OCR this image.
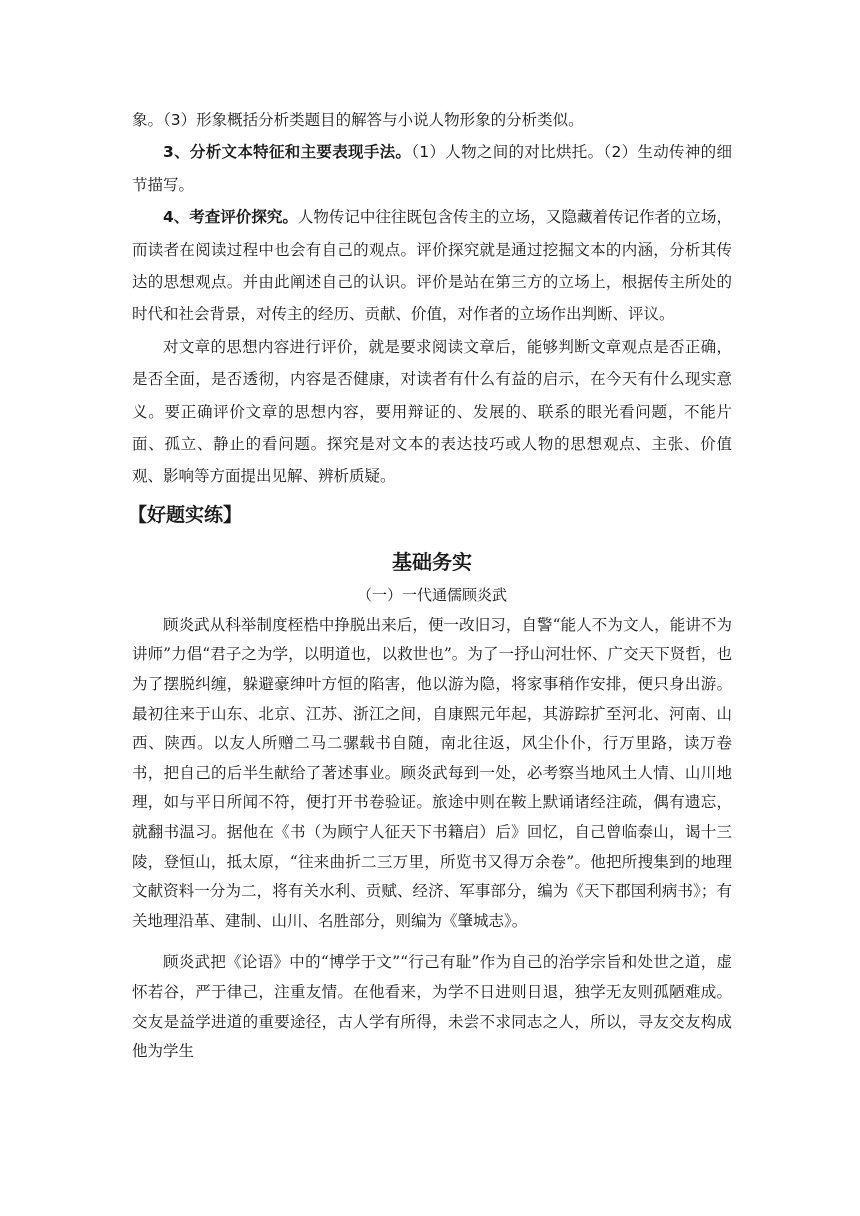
象。（3）形象概括分析类题目的解答与小说人物形象的分析类似。

3、分析文本特征和主要表现手法。（1）人物之间的对比烘托。（2）生动传神的细节描写。

4、考查评价探究。人物传记中往往既包含传主的立场，又隐藏着传记作者的立场，而读者在阅读过程中也会有自己的观点。评价探究就是通过挖掘文本的内涵，分析其传达的思想观点。并由此阐述自己的认识。评价是站在第三方的立场上，根据传主所处的时代和社会背景，对传主的经历、贡献、价值，对作者的立场作出判断、评议。

对文章的思想内容进行评价，就是要求阅读文章后，能够判断文章观点是否正确，是否全面，是否透彻，内容是否健康，对读者有什么有益的启示，在今天有什么现实意义。要正确评价文章的思想内容，要用辩证的、发展的、联系的眼光看问题，不能片面、孤立、静止的看问题。探究是对文本的表达技巧或人物的思想观点、主张、价值观、影响等方面提出见解、辨析质疑。

【好题实练】
基础务实
（一）一代通儒顾炎武

顾炎武从科举制度桎梏中挣脱出来后，便一改旧习，自警“能人不为文人，能讲不为讲师”力倡“君子之为学，以明道也，以救世也”。为了一抒山河壮怀、广交天下贤哲，也为了摆脱纠缠，躲避豪绅叶方恒的陷害，他以游为隐，将家事稍作安排，便只身出游。最初往来于山东、北京、江苏、浙江之间，自康熙元年起，其游踪扩至河北、河南、山西、陕西。以友人所赠二马二骡载书自随，南北往返，风尘仆仆，行万里路，读万卷书，把自己的后半生献给了著述事业。顾炎武每到一处，必考察当地风土人情、山川地理，如与平日所闻不符，便打开书卷验证。旅途中则在鞍上默诵诸经注疏，偶有遗忘，就翻书温习。据他在《书（为顾宁人征天下书籍启）后》回忆，自己曾临泰山，谒十三陵，登恒山，抵太原，“往来曲折二三万里，所览书又得万余卷”。他把所搜集到的地理文献资料一分为二，将有关水利、贡赋、经济、军事部分，编为《天下郡国利病书》；有关地理沿革、建制、山川、名胜部分，则编为《肇城志》。

顾炎武把《论语》中的“博学于文”“行己有耻”作为自己的治学宗旨和处世之道，虚怀若谷，严于律己，注重友情。在他看来，为学不日进则日退，独学无友则孤陋难成。交友是益学进道的重要途径，古人学有所得，未尝不求同志之人，所以，寻友交友构成他为学生
